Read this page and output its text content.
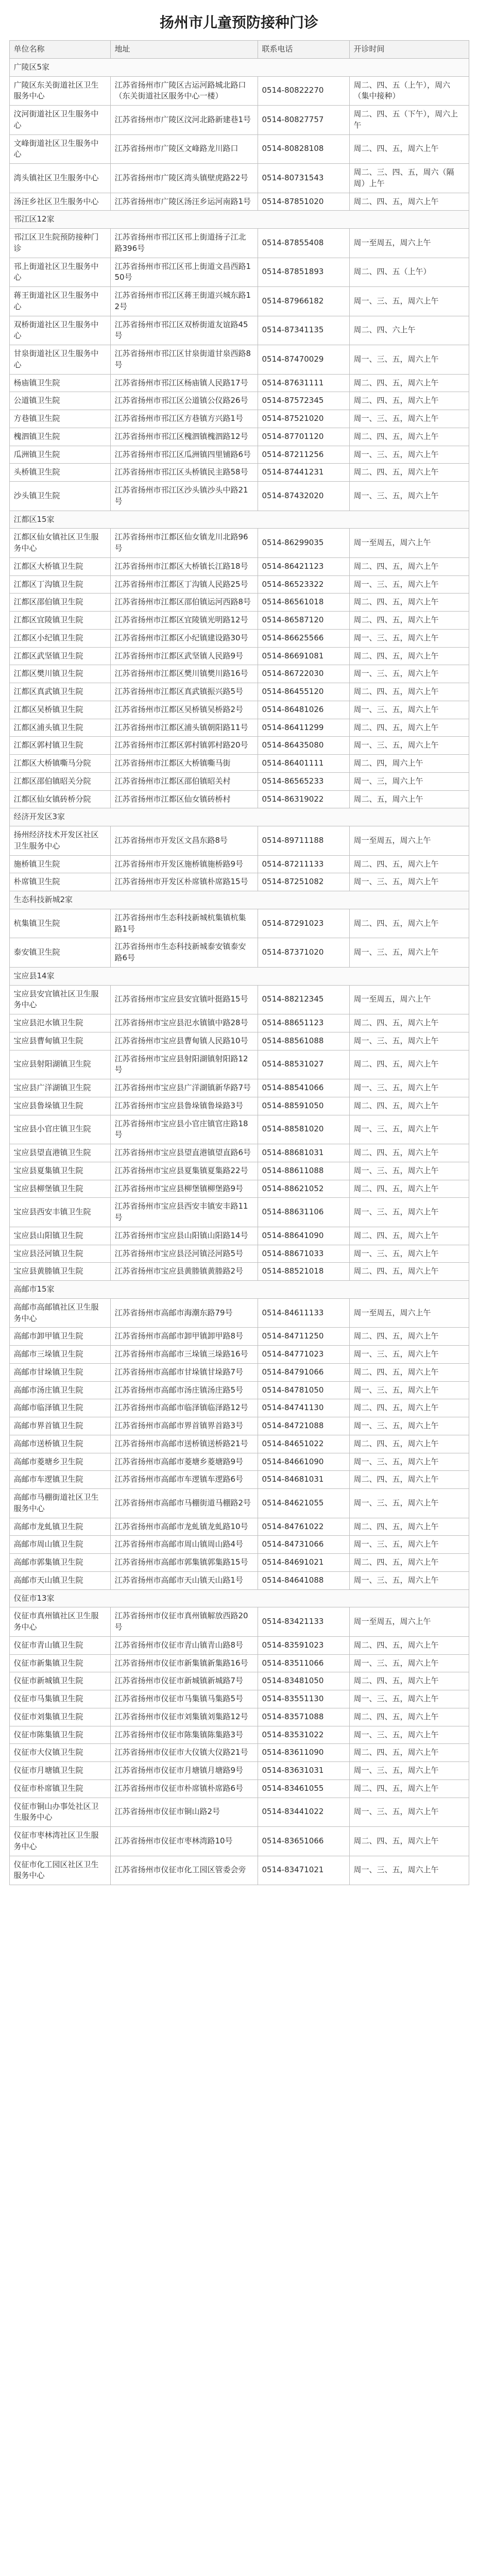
扬州市儿童预防接种门诊
单位名称	地址	联系电话	开诊时间
广陵区5家			
广陵区东关街道社区卫生服务中心	江苏省扬州市广陵区古运河路城北路口（东关街道社区服务中心一楼）	0514-80822270	周二、四、五（上午），周六（集中接种）
汶河街道社区卫生服务中心	江苏省扬州市广陵区汶河北路新建巷1号	0514-80827757	周二、四、五（下午），周六上午
文峰街道社区卫生服务中心	江苏省扬州市广陵区文峰路龙川路口	0514-80828108	周二、四、五，周六上午
湾头镇社区卫生服务中心	江苏省扬州市广陵区湾头镇壁虎路22号	0514-80731543	周二、三、四、五，周六（隔周）上午
汤汪乡社区卫生服务中心	江苏省扬州市广陵区汤汪乡运河南路1号	0514-87851020	周二、四、五，周六上午
邗江区12家			
邗江区卫生院预防接种门诊	江苏省扬州市邗江区邗上街道扬子江北路396号	0514-87855408	周一至周五，周六上午
邗上街道社区卫生服务中心	江苏省扬州市邗江区邗上街道文昌西路150号	0514-87851893	周二、四、五（上午）
蒋王街道社区卫生服务中心	江苏省扬州市邗江区蒋王街道兴城东路12号	0514-87966182	周一、三、五，周六上午
双桥街道社区卫生服务中心	江苏省扬州市邗江区双桥街道友谊路45号	0514-87341135	周二、四、六上午
甘泉街道社区卫生服务中心	江苏省扬州市邗江区甘泉街道甘泉西路8号	0514-87470029	周一、三、五，周六上午
杨庙镇卫生院	江苏省扬州市邗江区杨庙镇人民路17号	0514-87631111	周二、四、五，周六上午
公道镇卫生院	江苏省扬州市邗江区公道镇公仪路26号	0514-87572345	周二、四、五，周六上午
方巷镇卫生院	江苏省扬州市邗江区方巷镇方兴路1号	0514-87521020	周一、三、五，周六上午
槐泗镇卫生院	江苏省扬州市邗江区槐泗镇槐泗路12号	0514-87701120	周二、四、五，周六上午
瓜洲镇卫生院	江苏省扬州市邗江区瓜洲镇四里铺路6号	0514-87211256	周一、三、五，周六上午
头桥镇卫生院	江苏省扬州市邗江区头桥镇民主路58号	0514-87441231	周二、四、五，周六上午
沙头镇卫生院	江苏省扬州市邗江区沙头镇沙头中路21号	0514-87432020	周一、三、五，周六上午
江都区15家			
江都区仙女镇社区卫生服务中心	江苏省扬州市江都区仙女镇龙川北路96号	0514-86299035	周一至周五，周六上午
江都区大桥镇卫生院	江苏省扬州市江都区大桥镇长江路18号	0514-86421123	周二、四、五，周六上午
江都区丁沟镇卫生院	江苏省扬州市江都区丁沟镇人民路25号	0514-86523322	周一、三、五，周六上午
江都区邵伯镇卫生院	江苏省扬州市江都区邵伯镇运河西路8号	0514-86561018	周二、四、五，周六上午
江都区宜陵镇卫生院	江苏省扬州市江都区宜陵镇光明路12号	0514-86587120	周二、四、五，周六上午
江都区小纪镇卫生院	江苏省扬州市江都区小纪镇建设路30号	0514-86625566	周一、三、五，周六上午
江都区武坚镇卫生院	江苏省扬州市江都区武坚镇人民路9号	0514-86691081	周二、四、五，周六上午
江都区樊川镇卫生院	江苏省扬州市江都区樊川镇樊川路16号	0514-86722030	周一、三、五，周六上午
江都区真武镇卫生院	江苏省扬州市江都区真武镇振兴路5号	0514-86455120	周二、四、五，周六上午
江都区吴桥镇卫生院	江苏省扬州市江都区吴桥镇吴桥路2号	0514-86481026	周一、三、五，周六上午
江都区浦头镇卫生院	江苏省扬州市江都区浦头镇朝阳路11号	0514-86411299	周二、四、五，周六上午
江都区郭村镇卫生院	江苏省扬州市江都区郭村镇郭村路20号	0514-86435080	周一、三、五，周六上午
江都区大桥镇嘶马分院	江苏省扬州市江都区大桥镇嘶马街	0514-86401111	周二、四，周六上午
江都区邵伯镇昭关分院	江苏省扬州市江都区邵伯镇昭关村	0514-86565233	周一、三，周六上午
江都区仙女镇砖桥分院	江苏省扬州市江都区仙女镇砖桥村	0514-86319022	周二、五，周六上午
经济开发区3家			
扬州经济技术开发区社区卫生服务中心	江苏省扬州市开发区文昌东路8号	0514-89711188	周一至周五，周六上午
施桥镇卫生院	江苏省扬州市开发区施桥镇施桥路9号	0514-87211133	周二、四、五，周六上午
朴席镇卫生院	江苏省扬州市开发区朴席镇朴席路15号	0514-87251082	周一、三、五，周六上午
生态科技新城2家			
杭集镇卫生院	江苏省扬州市生态科技新城杭集镇杭集路1号	0514-87291023	周二、四、五，周六上午
泰安镇卫生院	江苏省扬州市生态科技新城泰安镇泰安路6号	0514-87371020	周一、三、五，周六上午
宝应县14家			
宝应县安宜镇社区卫生服务中心	江苏省扬州市宝应县安宜镇叶挺路15号	0514-88212345	周一至周五，周六上午
宝应县氾水镇卫生院	江苏省扬州市宝应县氾水镇镇中路28号	0514-88651123	周二、四、五，周六上午
宝应县曹甸镇卫生院	江苏省扬州市宝应县曹甸镇人民路10号	0514-88561088	周一、三、五，周六上午
宝应县射阳湖镇卫生院	江苏省扬州市宝应县射阳湖镇射阳路12号	0514-88531027	周二、四、五，周六上午
宝应县广洋湖镇卫生院	江苏省扬州市宝应县广洋湖镇新华路7号	0514-88541066	周一、三、五，周六上午
宝应县鲁垛镇卫生院	江苏省扬州市宝应县鲁垛镇鲁垛路3号	0514-88591050	周二、四、五，周六上午
宝应县小官庄镇卫生院	江苏省扬州市宝应县小官庄镇官庄路18号	0514-88581020	周一、三、五，周六上午
宝应县望直港镇卫生院	江苏省扬州市宝应县望直港镇望直路6号	0514-88681031	周二、四、五，周六上午
宝应县夏集镇卫生院	江苏省扬州市宝应县夏集镇夏集路22号	0514-88611088	周一、三、五，周六上午
宝应县柳堡镇卫生院	江苏省扬州市宝应县柳堡镇柳堡路9号	0514-88621052	周二、四、五，周六上午
宝应县西安丰镇卫生院	江苏省扬州市宝应县西安丰镇安丰路11号	0514-88631106	周一、三、五，周六上午
宝应县山阳镇卫生院	江苏省扬州市宝应县山阳镇山阳路14号	0514-88641090	周二、四、五，周六上午
宝应县泾河镇卫生院	江苏省扬州市宝应县泾河镇泾河路5号	0514-88671033	周一、三、五，周六上午
宝应县黄塍镇卫生院	江苏省扬州市宝应县黄塍镇黄塍路2号	0514-88521018	周二、四、五，周六上午
高邮市15家			
高邮市高邮镇社区卫生服务中心	江苏省扬州市高邮市海潮东路79号	0514-84611133	周一至周五，周六上午
高邮市卸甲镇卫生院	江苏省扬州市高邮市卸甲镇卸甲路8号	0514-84711250	周二、四、五，周六上午
高邮市三垛镇卫生院	江苏省扬州市高邮市三垛镇三垛路16号	0514-84771023	周一、三、五，周六上午
高邮市甘垛镇卫生院	江苏省扬州市高邮市甘垛镇甘垛路7号	0514-84791066	周二、四、五，周六上午
高邮市汤庄镇卫生院	江苏省扬州市高邮市汤庄镇汤庄路5号	0514-84781050	周一、三、五，周六上午
高邮市临泽镇卫生院	江苏省扬州市高邮市临泽镇临泽路12号	0514-84741130	周二、四、五，周六上午
高邮市界首镇卫生院	江苏省扬州市高邮市界首镇界首路3号	0514-84721088	周一、三、五，周六上午
高邮市送桥镇卫生院	江苏省扬州市高邮市送桥镇送桥路21号	0514-84651022	周二、四、五，周六上午
高邮市菱塘乡卫生院	江苏省扬州市高邮市菱塘乡菱塘路9号	0514-84661090	周一、三、五，周六上午
高邮市车逻镇卫生院	江苏省扬州市高邮市车逻镇车逻路6号	0514-84681031	周二、四、五，周六上午
高邮市马棚街道社区卫生服务中心	江苏省扬州市高邮市马棚街道马棚路2号	0514-84621055	周一、三、五，周六上午
高邮市龙虬镇卫生院	江苏省扬州市高邮市龙虬镇龙虬路10号	0514-84761022	周二、四、五，周六上午
高邮市周山镇卫生院	江苏省扬州市高邮市周山镇周山路4号	0514-84731066	周一、三、五，周六上午
高邮市郭集镇卫生院	江苏省扬州市高邮市郭集镇郭集路15号	0514-84691021	周二、四、五，周六上午
高邮市天山镇卫生院	江苏省扬州市高邮市天山镇天山路1号	0514-84641088	周一、三、五，周六上午
仪征市13家			
仪征市真州镇社区卫生服务中心	江苏省扬州市仪征市真州镇解放西路20号	0514-83421133	周一至周五，周六上午
仪征市青山镇卫生院	江苏省扬州市仪征市青山镇青山路8号	0514-83591023	周二、四、五，周六上午
仪征市新集镇卫生院	江苏省扬州市仪征市新集镇新集路16号	0514-83511066	周一、三、五，周六上午
仪征市新城镇卫生院	江苏省扬州市仪征市新城镇新城路7号	0514-83481050	周二、四、五，周六上午
仪征市马集镇卫生院	江苏省扬州市仪征市马集镇马集路5号	0514-83551130	周一、三、五，周六上午
仪征市刘集镇卫生院	江苏省扬州市仪征市刘集镇刘集路12号	0514-83571088	周二、四、五，周六上午
仪征市陈集镇卫生院	江苏省扬州市仪征市陈集镇陈集路3号	0514-83531022	周一、三、五，周六上午
仪征市大仪镇卫生院	江苏省扬州市仪征市大仪镇大仪路21号	0514-83611090	周二、四、五，周六上午
仪征市月塘镇卫生院	江苏省扬州市仪征市月塘镇月塘路9号	0514-83631031	周一、三、五，周六上午
仪征市朴席镇卫生院	江苏省扬州市仪征市朴席镇朴席路6号	0514-83461055	周二、四、五，周六上午
仪征市铜山办事处社区卫生服务中心	江苏省扬州市仪征市铜山路2号	0514-83441022	周一、三、五，周六上午
仪征市枣林湾社区卫生服务中心	江苏省扬州市仪征市枣林湾路10号	0514-83651066	周二、四、五，周六上午
仪征市化工园区社区卫生服务中心	江苏省扬州市仪征市化工园区管委会旁	0514-83471021	周一、三、五，周六上午
